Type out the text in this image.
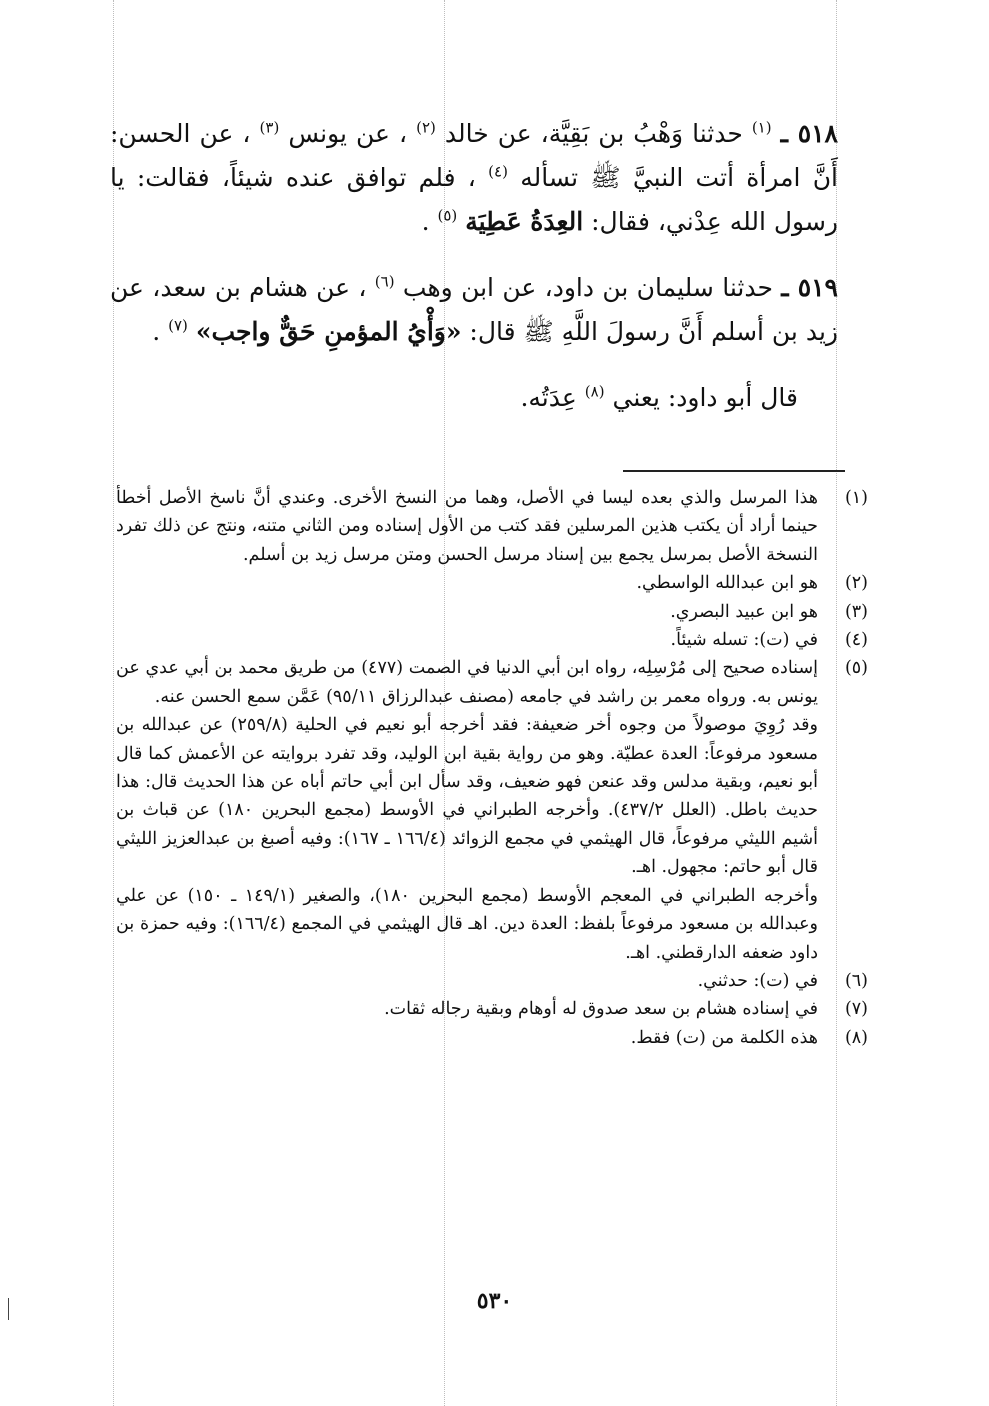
٥١٨ ـ $^{(١)}$ حدثنا وَهْبُ بن بَقِيَّة، عن خالد $^{(٢)}$ ، عن يونس $^{(٣)}$ ، عن الحسن: أَنَّ امرأة أتت النبيَّ ﷺ تسأله $^{(٤)}$ ، فلم توافق عنده شيئاً، فقالت: يا رسول الله عِدْني، فقال: العِدَةُ عَطِيَة $^{(٥)}$ .

٥١٩ ـ حدثنا سليمان بن داود، عن ابن وهب $^{(٦)}$ ، عن هشام بن سعد، عن زيد بن أسلم أَنَّ رسولَ اللَّهِ ﷺ قال: «وَأْيُ المؤمنِ حَقٌّ واجب» $^{(٧)}$ .

قال أبو داود: يعني $^{(٨)}$ عِدَتُه.

(١)

هذا المرسل والذي بعده ليسا في الأصل، وهما من النسخ الأخرى. وعندي أنَّ ناسخ الأصل أخطأ حينما أراد أن يكتب هذين المرسلين فقد كتب من الأول إسناده ومن الثاني متنه، ونتج عن ذلك تفرد النسخة الأصل بمرسل يجمع بين إسناد مرسل الحسن ومتن مرسل زيد بن أسلم.

(٢)

هو ابن عبدالله الواسطي.

(٣)

هو ابن عبيد البصري.

(٤)

في (ت): تسله شيئاً.

(٥)

إسناده صحيح إلى مُرْسِلِه، رواه ابن أبي الدنيا في الصمت (٤٧٧) من طريق محمد بن أبي عدي عن يونس به. ورواه معمر بن راشد في جامعه (مصنف عبدالرزاق ٩٥/١١) عَمَّن سمع الحسن عنه.

وقد رُوِيَ موصولاً من وجوه أخر ضعيفة: فقد أخرجه أبو نعيم في الحلية (٢٥٩/٨) عن عبدالله بن مسعود مرفوعاً: العدة عطيّة. وهو من رواية بقية ابن الوليد، وقد تفرد بروايته عن الأعمش كما قال أبو نعيم، وبقية مدلس وقد عنعن فهو ضعيف، وقد سأل ابن أبي حاتم أباه عن هذا الحديث قال: هذا حديث باطل. (العلل ٤٣٧/٢). وأخرجه الطبراني في الأوسط (مجمع البحرين ١٨٠) عن قباث بن أشيم الليثي مرفوعاً، قال الهيثمي في مجمع الزوائد (١٦٦/٤ ـ ١٦٧): وفيه أصبغ بن عبدالعزيز الليثي قال أبو حاتم: مجهول. اهـ.

وأخرجه الطبراني في المعجم الأوسط (مجمع البحرين ١٨٠)، والصغير (١٤٩/١ ـ ١٥٠) عن علي وعبدالله بن مسعود مرفوعاً بلفظ: العدة دين. اهـ قال الهيثمي في المجمع (١٦٦/٤): وفيه حمزة بن داود ضعفه الدارقطني. اهـ.

(٦)

في (ت): حدثني.

(٧)

في إسناده هشام بن سعد صدوق له أوهام وبقية رجاله ثقات.

(٨)

هذه الكلمة من (ت) فقط.

٥٣٠
